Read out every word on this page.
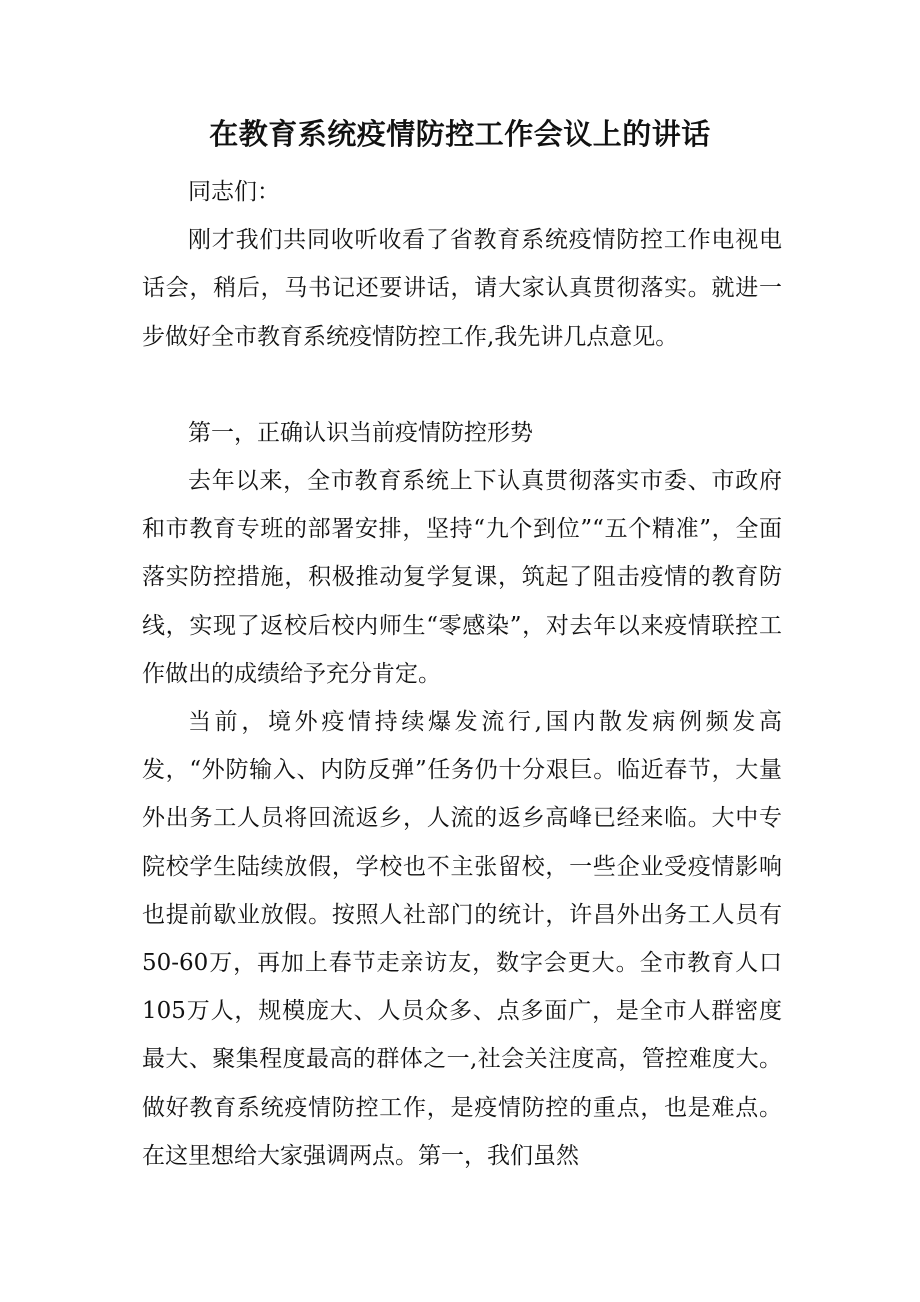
在教育系统疫情防控工作会议上的讲话

同志们：

刚才我们共同收听收看了省教育系统疫情防控工作电视电话会，稍后，马书记还要讲话，请大家认真贯彻落实。就进一步做好全市教育系统疫情防控工作,我先讲几点意见。

第一，正确认识当前疫情防控形势

去年以来，全市教育系统上下认真贯彻落实市委、市政府和市教育专班的部署安排，坚持“九个到位”“五个精准”，全面落实防控措施，积极推动复学复课，筑起了阻击疫情的教育防线，实现了返校后校内师生“零感染”，对去年以来疫情联控工作做出的成绩给予充分肯定。

当前，境外疫情持续爆发流行,国内散发病例频发高发，“外防输入、内防反弹”任务仍十分艰巨。临近春节，大量外出务工人员将回流返乡，人流的返乡高峰已经来临。大中专院校学生陆续放假，学校也不主张留校，一些企业受疫情影响也提前歇业放假。按照人社部门的统计，许昌外出务工人员有50-60万，再加上春节走亲访友，数字会更大。全市教育人口105万人，规模庞大、人员众多、点多面广，是全市人群密度最大、聚集程度最高的群体之一,社会关注度高，管控难度大。做好教育系统疫情防控工作，是疫情防控的重点，也是难点。在这里想给大家强调两点。第一，我们虽然
